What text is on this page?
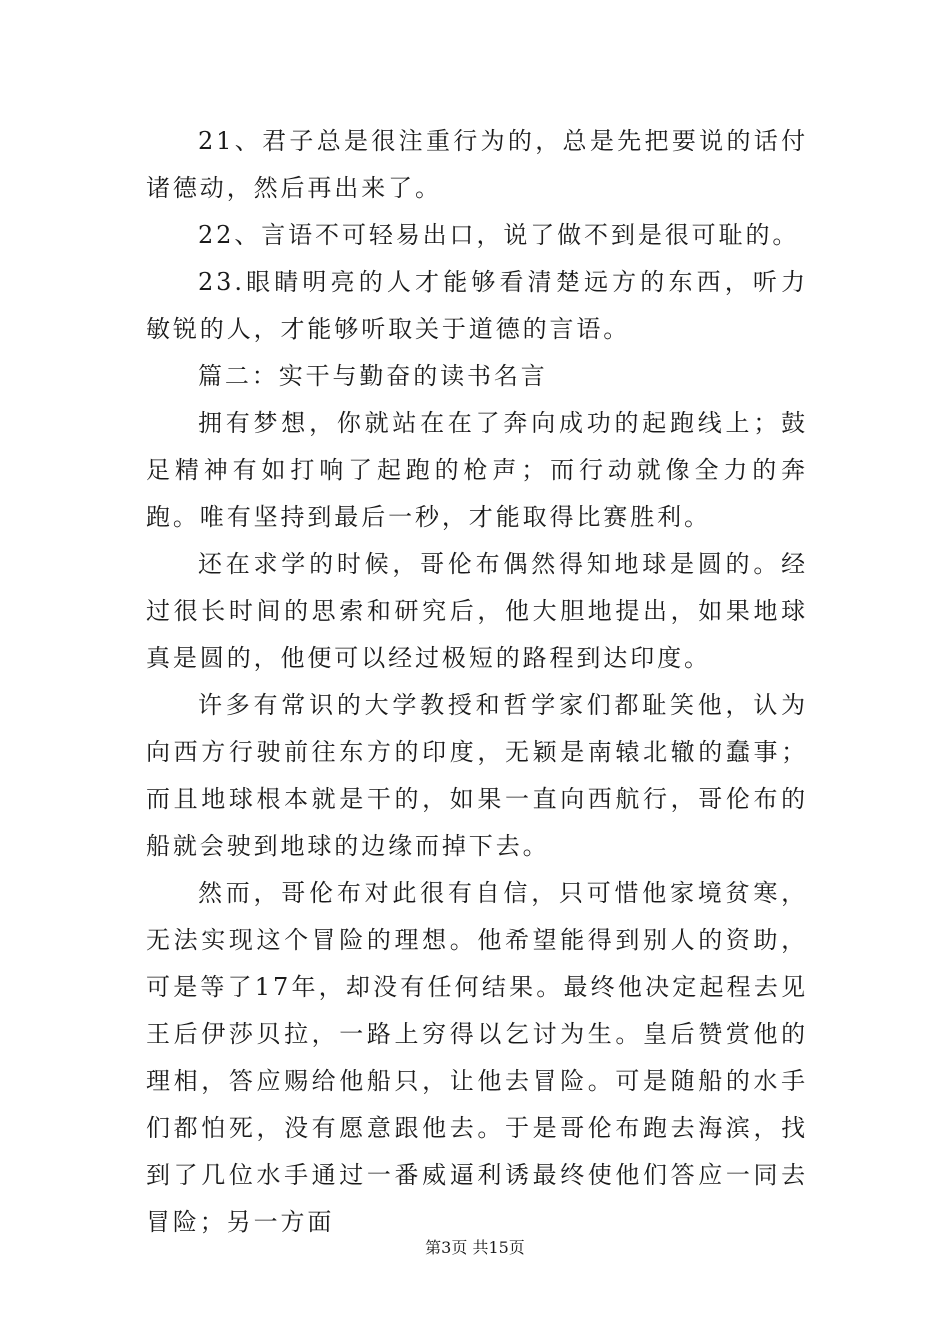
21、君子总是很注重行为的，总是先把要说的话付诸德动，然后再出来了。

22、言语不可轻易出口，说了做不到是很可耻的。

23.眼睛明亮的人才能够看清楚远方的东西，听力敏锐的人，才能够听取关于道德的言语。

篇二：实干与勤奋的读书名言

拥有梦想，你就站在在了奔向成功的起跑线上；鼓足精神有如打响了起跑的枪声；而行动就像全力的奔跑。唯有坚持到最后一秒，才能取得比赛胜利。

还在求学的时候，哥伦布偶然得知地球是圆的。经过很长时间的思索和研究后，他大胆地提出，如果地球真是圆的，他便可以经过极短的路程到达印度。

许多有常识的大学教授和哲学家们都耻笑他，认为向西方行驶前往东方的印度，无颖是南辕北辙的蠢事；而且地球根本就是干的，如果一直向西航行，哥伦布的船就会驶到地球的边缘而掉下去。

然而，哥伦布对此很有自信，只可惜他家境贫寒，无法实现这个冒险的理想。他希望能得到别人的资助，可是等了17年，却没有任何结果。最终他决定起程去见王后伊莎贝拉，一路上穷得以乞讨为生。皇后赞赏他的理相，答应赐给他船只，让他去冒险。可是随船的水手们都怕死，没有愿意跟他去。于是哥伦布跑去海滨，找到了几位水手通过一番威逼利诱最终使他们答应一同去冒险；另一方面

第3页 共15页
